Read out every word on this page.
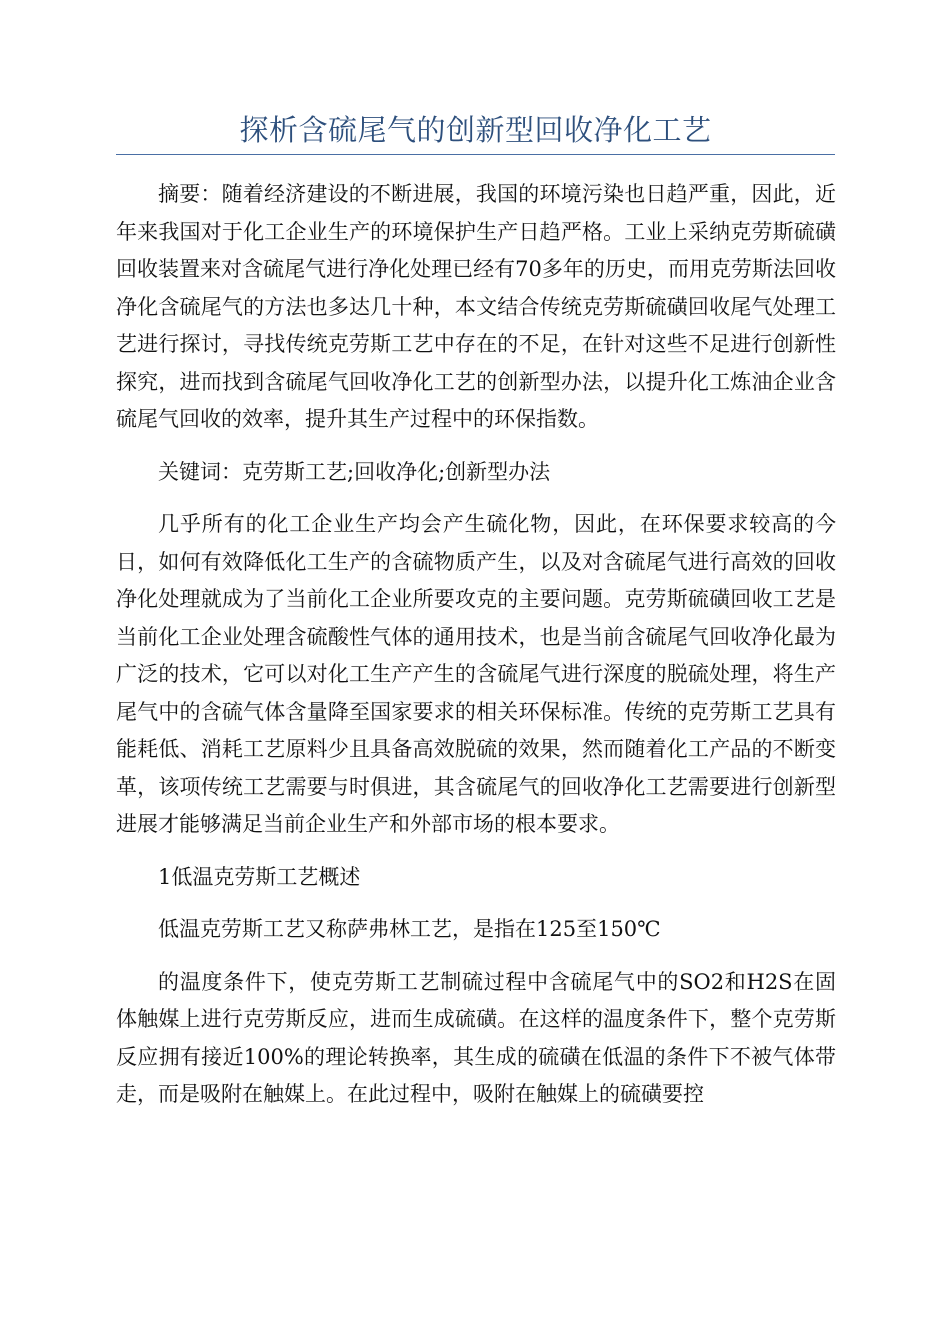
探析含硫尾气的创新型回收净化工艺

摘要：随着经济建设的不断进展，我国的环境污染也日趋严重，因此，近年来我国对于化工企业生产的环境保护生产日趋严格。工业上采纳克劳斯硫磺回收装置来对含硫尾气进行净化处理已经有70多年的历史，而用克劳斯法回收净化含硫尾气的方法也多达几十种，本文结合传统克劳斯硫磺回收尾气处理工艺进行探讨，寻找传统克劳斯工艺中存在的不足，在针对这些不足进行创新性探究，进而找到含硫尾气回收净化工艺的创新型办法，以提升化工炼油企业含硫尾气回收的效率，提升其生产过程中的环保指数。

关键词：克劳斯工艺;回收净化;创新型办法

几乎所有的化工企业生产均会产生硫化物，因此，在环保要求较高的今日，如何有效降低化工生产的含硫物质产生，以及对含硫尾气进行高效的回收净化处理就成为了当前化工企业所要攻克的主要问题。克劳斯硫磺回收工艺是当前化工企业处理含硫酸性气体的通用技术，也是当前含硫尾气回收净化最为广泛的技术，它可以对化工生产产生的含硫尾气进行深度的脱硫处理，将生产尾气中的含硫气体含量降至国家要求的相关环保标准。传统的克劳斯工艺具有能耗低、消耗工艺原料少且具备高效脱硫的效果，然而随着化工产品的不断变革，该项传统工艺需要与时俱进，其含硫尾气的回收净化工艺需要进行创新型进展才能够满足当前企业生产和外部市场的根本要求。

1低温克劳斯工艺概述

低温克劳斯工艺又称萨弗林工艺，是指在125至150℃

的温度条件下，使克劳斯工艺制硫过程中含硫尾气中的SO2和H2S在固体触媒上进行克劳斯反应，进而生成硫磺。在这样的温度条件下，整个克劳斯反应拥有接近100%的理论转换率，其生成的硫磺在低温的条件下不被气体带走，而是吸附在触媒上。在此过程中，吸附在触媒上的硫磺要控
